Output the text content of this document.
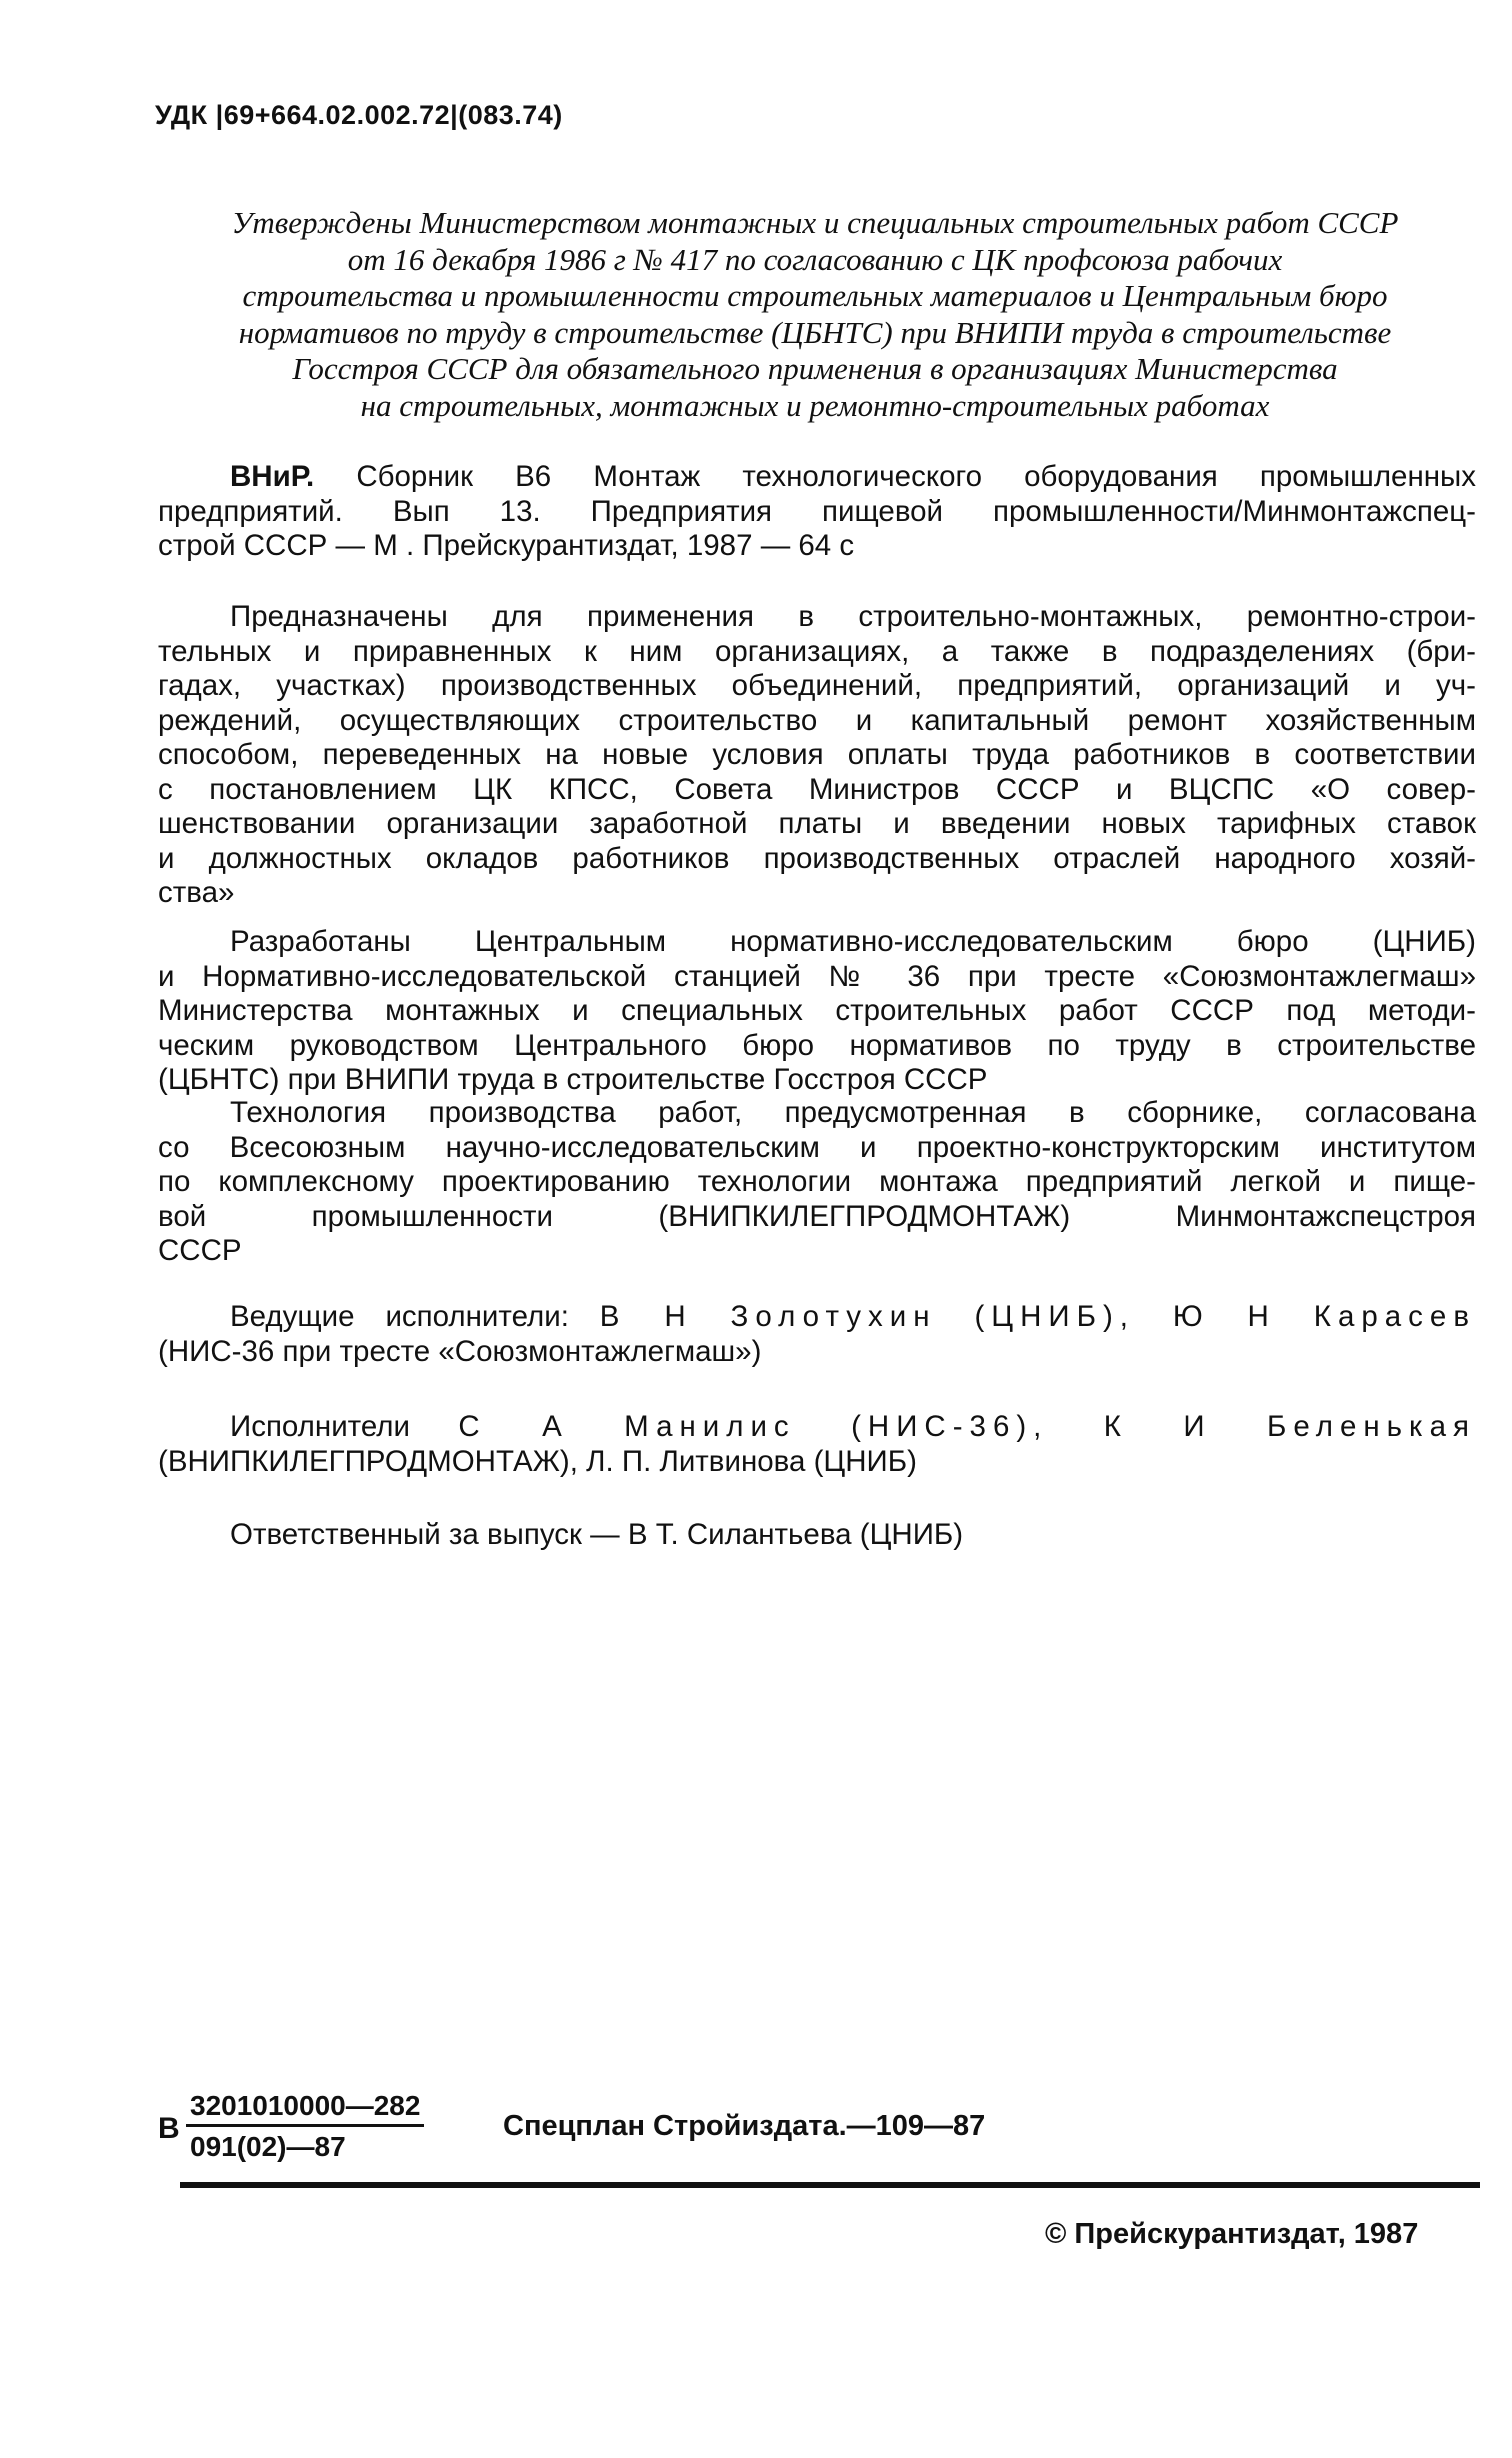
УДК |69+664.02.002.72|(083.74)
Утверждены Министерством монтажных и специальных строительных работ СССР
от 16 декабря 1986 г № 417 по согласованию с ЦК профсоюза рабочих
строительства и промышленности строительных материалов и Центральным бюро
нормативов по труду в строительстве (ЦБНТС) при ВНИПИ труда в строительстве
Госстроя СССР для обязательного применения в организациях Министерства
на строительных, монтажных и ремонтно-строительных работах
ВНиР. Сборник В6 Монтаж технологического оборудования промышленных
предприятий. Вып 13. Предприятия пищевой промышленности/Минмонтажспец-
строй СССР — М . Прейскурантиздат, 1987 — 64 с
Предназначены для применения в строительно-монтажных, ремонтно-строи-
тельных и приравненных к ним организациях, а также в подразделениях (бри-
гадах, участках) производственных объединений, предприятий, организаций и уч-
реждений, осуществляющих строительство и капитальный ремонт хозяйственным
способом, переведенных на новые условия оплаты труда работников в соответствии
с постановлением ЦК КПСС, Совета Министров СССР и ВЦСПС «О совер-
шенствовании организации заработной платы и введении новых тарифных ставок
и должностных окладов работников производственных отраслей народного хозяй-
ства»
Разработаны Центральным нормативно-исследовательским бюро (ЦНИБ)
и Нормативно-исследовательской станцией № 36 при тресте «Союзмонтажлегмаш»
Министерства монтажных и специальных строительных работ СССР под методи-
ческим руководством Центрального бюро нормативов по труду в строительстве
(ЦБНТС) при ВНИПИ труда в строительстве Госстроя СССР
Технология производства работ, предусмотренная в сборнике, согласована
со Всесоюзным научно-исследовательским и проектно-конструкторским институтом
по комплексному проектированию технологии монтажа предприятий легкой и пище-
вой промышленности (ВНИПКИЛЕГПРОДМОНТАЖ) Минмонтажспецстроя
СССР
Ведущие исполнители: В Н Золотухин (ЦНИБ), Ю Н Карасев
(НИС-36 при тресте «Союзмонтажлегмаш»)
Исполнители С А Манилис (НИС-36), К И Беленькая
(ВНИПКИЛЕГПРОДМОНТАЖ), Л. П. Литвинова (ЦНИБ)
Ответственный за выпуск — В Т. Силантьева (ЦНИБ)
В $\frac{3201010000—282}{091(02)—87}$	Спецплан Стройиздата.—109—87
© Прейскурантиздат, 1987
